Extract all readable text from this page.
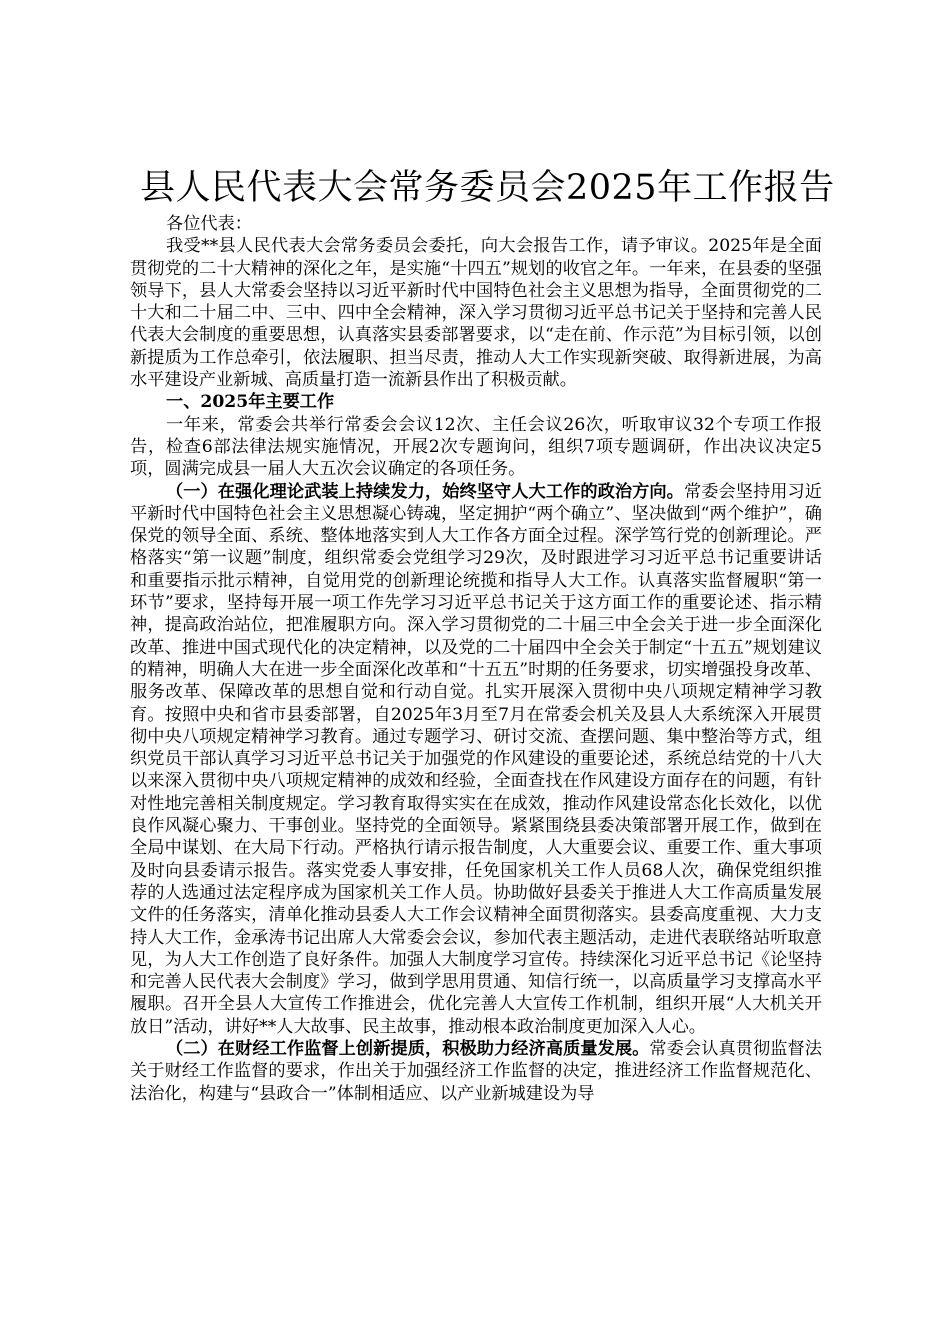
县人民代表大会常务委员会2025年工作报告

各位代表：

我受**县人民代表大会常务委员会委托，向大会报告工作，请予审议。2025年是全面贯彻党的二十大精神的深化之年，是实施“十四五”规划的收官之年。一年来，在县委的坚强领导下，县人大常委会坚持以习近平新时代中国特色社会主义思想为指导，全面贯彻党的二十大和二十届二中、三中、四中全会精神，深入学习贯彻习近平总书记关于坚持和完善人民代表大会制度的重要思想，认真落实县委部署要求，以“走在前、作示范”为目标引领，以创新提质为工作总牵引，依法履职、担当尽责，推动人大工作实现新突破、取得新进展，为高水平建设产业新城、高质量打造一流新县作出了积极贡献。

一、2025年主要工作

一年来，常委会共举行常委会会议12次、主任会议26次，听取审议32个专项工作报告，检查6部法律法规实施情况，开展2次专题询问，组织7项专题调研，作出决议决定5项，圆满完成县一届人大五次会议确定的各项任务。

（一）在强化理论武装上持续发力，始终坚守人大工作的政治方向。常委会坚持用习近平新时代中国特色社会主义思想凝心铸魂，坚定拥护“两个确立”、坚决做到“两个维护”，确保党的领导全面、系统、整体地落实到人大工作各方面全过程。深学笃行党的创新理论。严格落实“第一议题”制度，组织常委会党组学习29次，及时跟进学习习近平总书记重要讲话和重要指示批示精神，自觉用党的创新理论统揽和指导人大工作。认真落实监督履职“第一环节”要求，坚持每开展一项工作先学习习近平总书记关于这方面工作的重要论述、指示精神，提高政治站位，把准履职方向。深入学习贯彻党的二十届三中全会关于进一步全面深化改革、推进中国式现代化的决定精神，以及党的二十届四中全会关于制定“十五五”规划建议的精神，明确人大在进一步全面深化改革和“十五五”时期的任务要求，切实增强投身改革、服务改革、保障改革的思想自觉和行动自觉。扎实开展深入贯彻中央八项规定精神学习教育。按照中央和省市县委部署，自2025年3月至7月在常委会机关及县人大系统深入开展贯彻中央八项规定精神学习教育。通过专题学习、研讨交流、查摆问题、集中整治等方式，组织党员干部认真学习习近平总书记关于加强党的作风建设的重要论述，系统总结党的十八大以来深入贯彻中央八项规定精神的成效和经验，全面查找在作风建设方面存在的问题，有针对性地完善相关制度规定。学习教育取得实实在在成效，推动作风建设常态化长效化，以优良作风凝心聚力、干事创业。坚持党的全面领导。紧紧围绕县委决策部署开展工作，做到在全局中谋划、在大局下行动。严格执行请示报告制度，人大重要会议、重要工作、重大事项及时向县委请示报告。落实党委人事安排，任免国家机关工作人员68人次，确保党组织推荐的人选通过法定程序成为国家机关工作人员。协助做好县委关于推进人大工作高质量发展文件的任务落实，清单化推动县委人大工作会议精神全面贯彻落实。县委高度重视、大力支持人大工作，金承涛书记出席人大常委会会议，参加代表主题活动，走进代表联络站听取意见，为人大工作创造了良好条件。加强人大制度学习宣传。持续深化习近平总书记《论坚持和完善人民代表大会制度》学习，做到学思用贯通、知信行统一，以高质量学习支撑高水平履职。召开全县人大宣传工作推进会，优化完善人大宣传工作机制，组织开展“人大机关开放日”活动，讲好**人大故事、民主故事，推动根本政治制度更加深入人心。

（二）在财经工作监督上创新提质，积极助力经济高质量发展。常委会认真贯彻监督法关于财经工作监督的要求，作出关于加强经济工作监督的决定，推进经济工作监督规范化、法治化，构建与“县政合一”体制相适应、以产业新城建设为导
